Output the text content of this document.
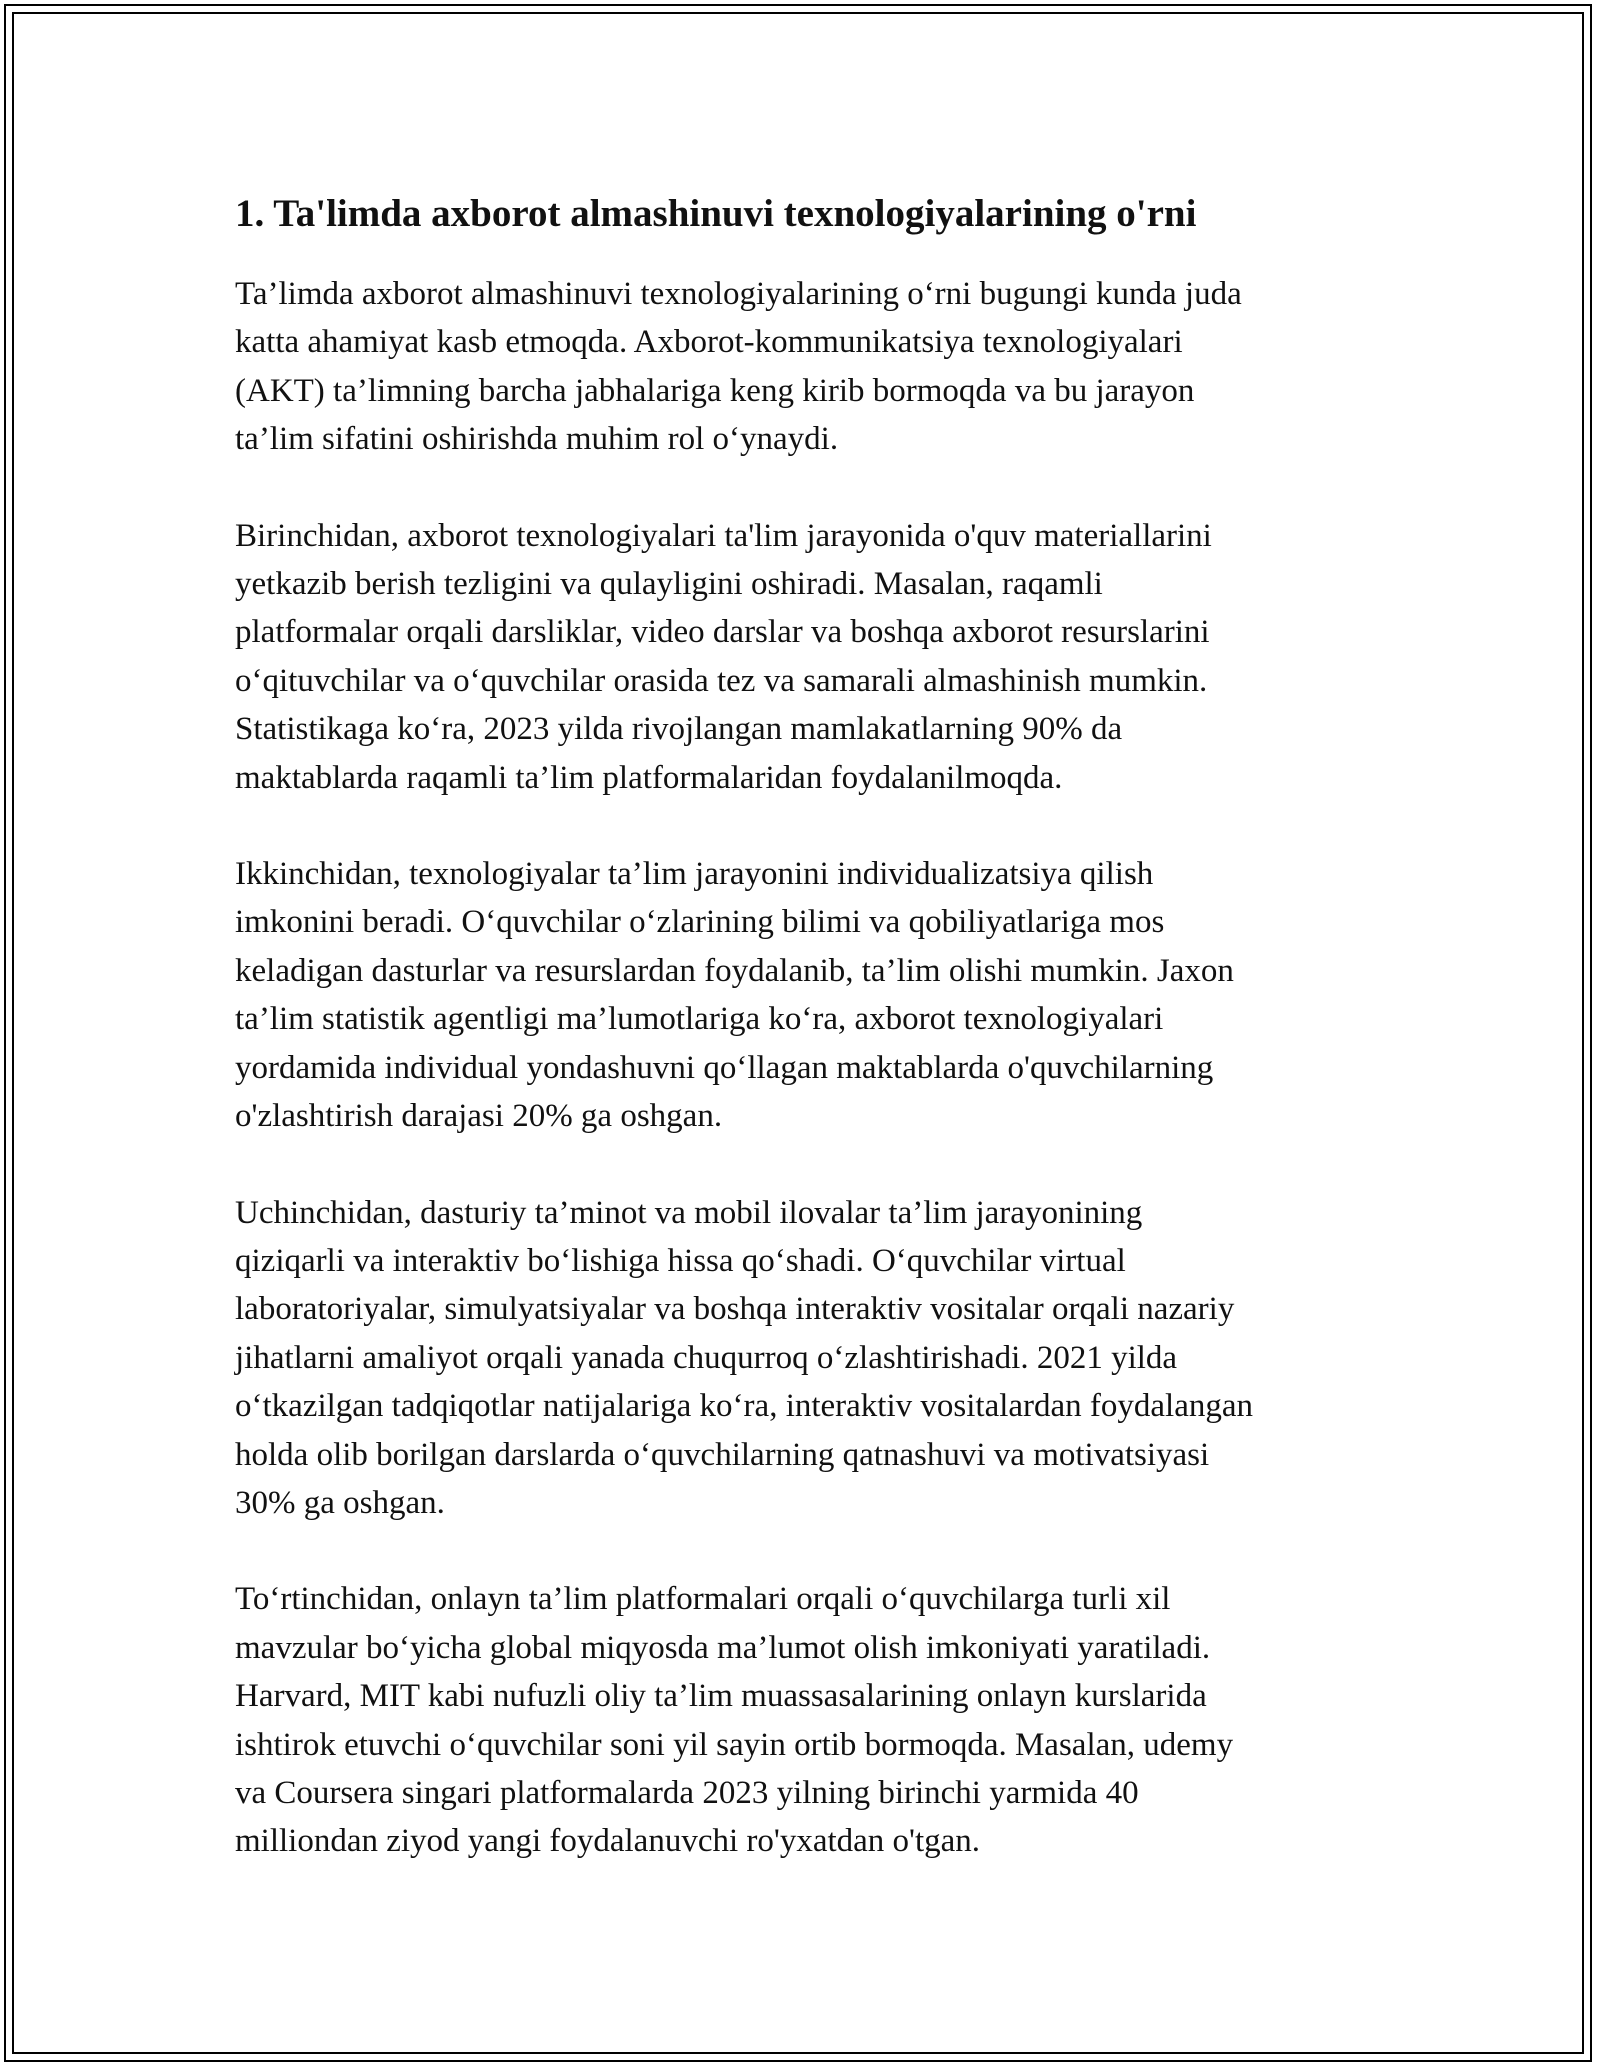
1. Ta'limda axborot almashinuvi texnologiyalarining o'rni
Ta’limda axborot almashinuvi texnologiyalarining o‘rni bugungi kunda juda
katta ahamiyat kasb etmoqda. Axborot-kommunikatsiya texnologiyalari
(AKT) ta’limning barcha jabhalariga keng kirib bormoqda va bu jarayon
ta’lim sifatini oshirishda muhim rol o‘ynaydi.
Birinchidan, axborot texnologiyalari ta'lim jarayonida o'quv materiallarini
yetkazib berish tezligini va qulayligini oshiradi. Masalan, raqamli
platformalar orqali darsliklar, video darslar va boshqa axborot resurslarini
o‘qituvchilar va o‘quvchilar orasida tez va samarali almashinish mumkin.
Statistikaga ko‘ra, 2023 yilda rivojlangan mamlakatlarning 90% da
maktablarda raqamli ta’lim platformalaridan foydalanilmoqda.
Ikkinchidan, texnologiyalar ta’lim jarayonini individualizatsiya qilish
imkonini beradi. O‘quvchilar o‘zlarining bilimi va qobiliyatlariga mos
keladigan dasturlar va resurslardan foydalanib, ta’lim olishi mumkin. Jaxon
ta’lim statistik agentligi ma’lumotlariga ko‘ra, axborot texnologiyalari
yordamida individual yondashuvni qo‘llagan maktablarda o'quvchilarning
o'zlashtirish darajasi 20% ga oshgan.
Uchinchidan, dasturiy ta’minot va mobil ilovalar ta’lim jarayonining
qiziqarli va interaktiv bo‘lishiga hissa qo‘shadi. O‘quvchilar virtual
laboratoriyalar, simulyatsiyalar va boshqa interaktiv vositalar orqali nazariy
jihatlarni amaliyot orqali yanada chuqurroq o‘zlashtirishadi. 2021 yilda
o‘tkazilgan tadqiqotlar natijalariga ko‘ra, interaktiv vositalardan foydalangan
holda olib borilgan darslarda o‘quvchilarning qatnashuvi va motivatsiyasi
30% ga oshgan.
To‘rtinchidan, onlayn ta’lim platformalari orqali o‘quvchilarga turli xil
mavzular bo‘yicha global miqyosda ma’lumot olish imkoniyati yaratiladi.
Harvard, MIT kabi nufuzli oliy ta’lim muassasalarining onlayn kurslarida
ishtirok etuvchi o‘quvchilar soni yil sayin ortib bormoqda. Masalan, udemy
va Coursera singari platformalarda 2023 yilning birinchi yarmida 40
milliondan ziyod yangi foydalanuvchi ro'yxatdan o'tgan.
